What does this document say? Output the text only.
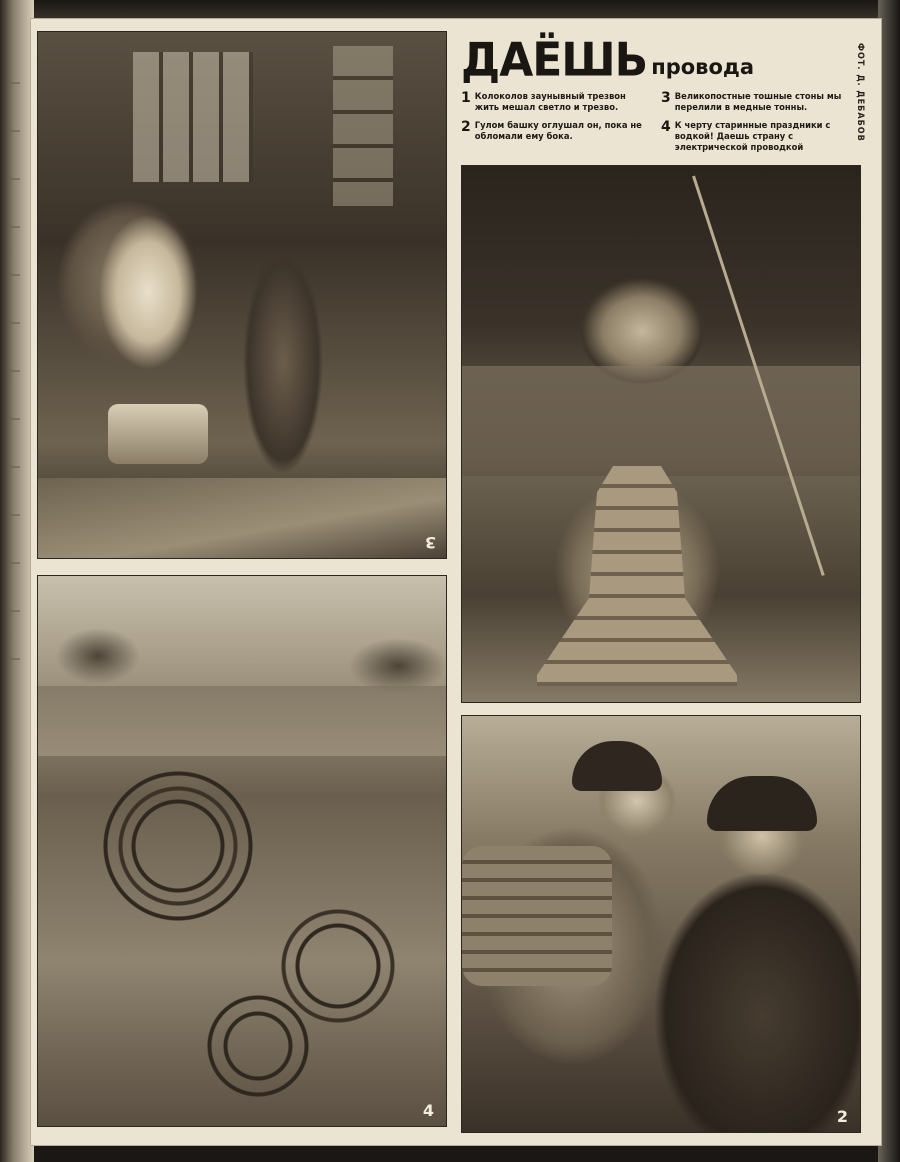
3
ДАЁШЬ провода	ФОТ. Д. ДЕБАБОВ
1 Колоколов заунывный трезвон жить мешал светло и трезво.
3 Великопостные тошные стоны мы перелили в медные тонны.
2 Гулом башку оглушал он, пока не обломали ему бока.
4 К черту старинные праздники с водкой! Даешь страну с электрической проводкой
4	2
